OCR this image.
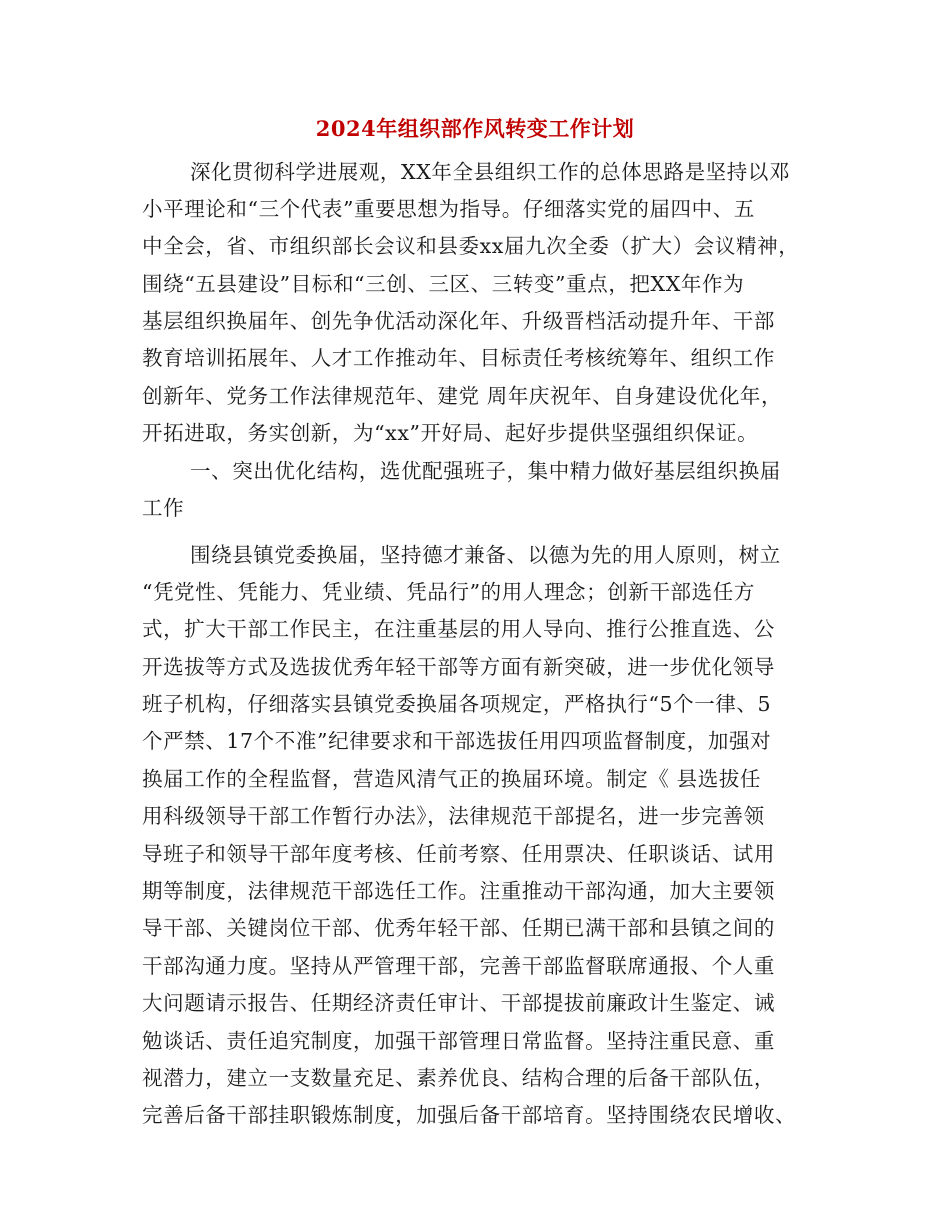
2024年组织部作风转变工作计划
深化贯彻科学进展观，XX年全县组织工作的总体思路是坚持以邓
小平理论和“三个代表”重要思想为指导。仔细落实党的届四中、五
中全会，省、市组织部长会议和县委xx届九次全委（扩大）会议精神，
围绕“五县建设”目标和“三创、三区、三转变”重点，把XX年作为
基层组织换届年、创先争优活动深化年、升级晋档活动提升年、干部
教育培训拓展年、人才工作推动年、目标责任考核统筹年、组织工作
创新年、党务工作法律规范年、建党 周年庆祝年、自身建设优化年，
开拓进取，务实创新，为“xx”开好局、起好步提供坚强组织保证。
一、突出优化结构，选优配强班子，集中精力做好基层组织换届
工作
围绕县镇党委换届，坚持德才兼备、以德为先的用人原则，树立
“凭党性、凭能力、凭业绩、凭品行”的用人理念；创新干部选任方
式，扩大干部工作民主，在注重基层的用人导向、推行公推直选、公
开选拔等方式及选拔优秀年轻干部等方面有新突破，进一步优化领导
班子机构，仔细落实县镇党委换届各项规定，严格执行“5个一律、5
个严禁、17个不准”纪律要求和干部选拔任用四项监督制度，加强对
换届工作的全程监督，营造风清气正的换届环境。制定《 县选拔任
用科级领导干部工作暂行办法》，法律规范干部提名，进一步完善领
导班子和领导干部年度考核、任前考察、任用票决、任职谈话、试用
期等制度，法律规范干部选任工作。注重推动干部沟通，加大主要领
导干部、关键岗位干部、优秀年轻干部、任期已满干部和县镇之间的
干部沟通力度。坚持从严管理干部，完善干部监督联席通报、个人重
大问题请示报告、任期经济责任审计、干部提拔前廉政计生鉴定、诫
勉谈话、责任追究制度，加强干部管理日常监督。坚持注重民意、重
视潜力，建立一支数量充足、素养优良、结构合理的后备干部队伍，
完善后备干部挂职锻炼制度，加强后备干部培育。坚持围绕农民增收、
